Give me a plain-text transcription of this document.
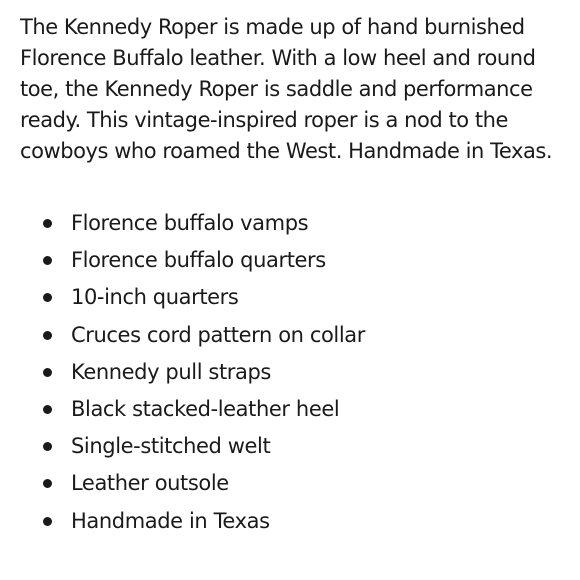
The Kennedy Roper is made up of hand burnished Florence Buffalo leather. With a low heel and round toe, the Kennedy Roper is saddle and performance ready. This vintage-inspired roper is a nod to the cowboys who roamed the West. Handmade in Texas.

Florence buffalo vamps
Florence buffalo quarters
10-inch quarters
Cruces cord pattern on collar
Kennedy pull straps
Black stacked-leather heel
Single-stitched welt
Leather outsole
Handmade in Texas
